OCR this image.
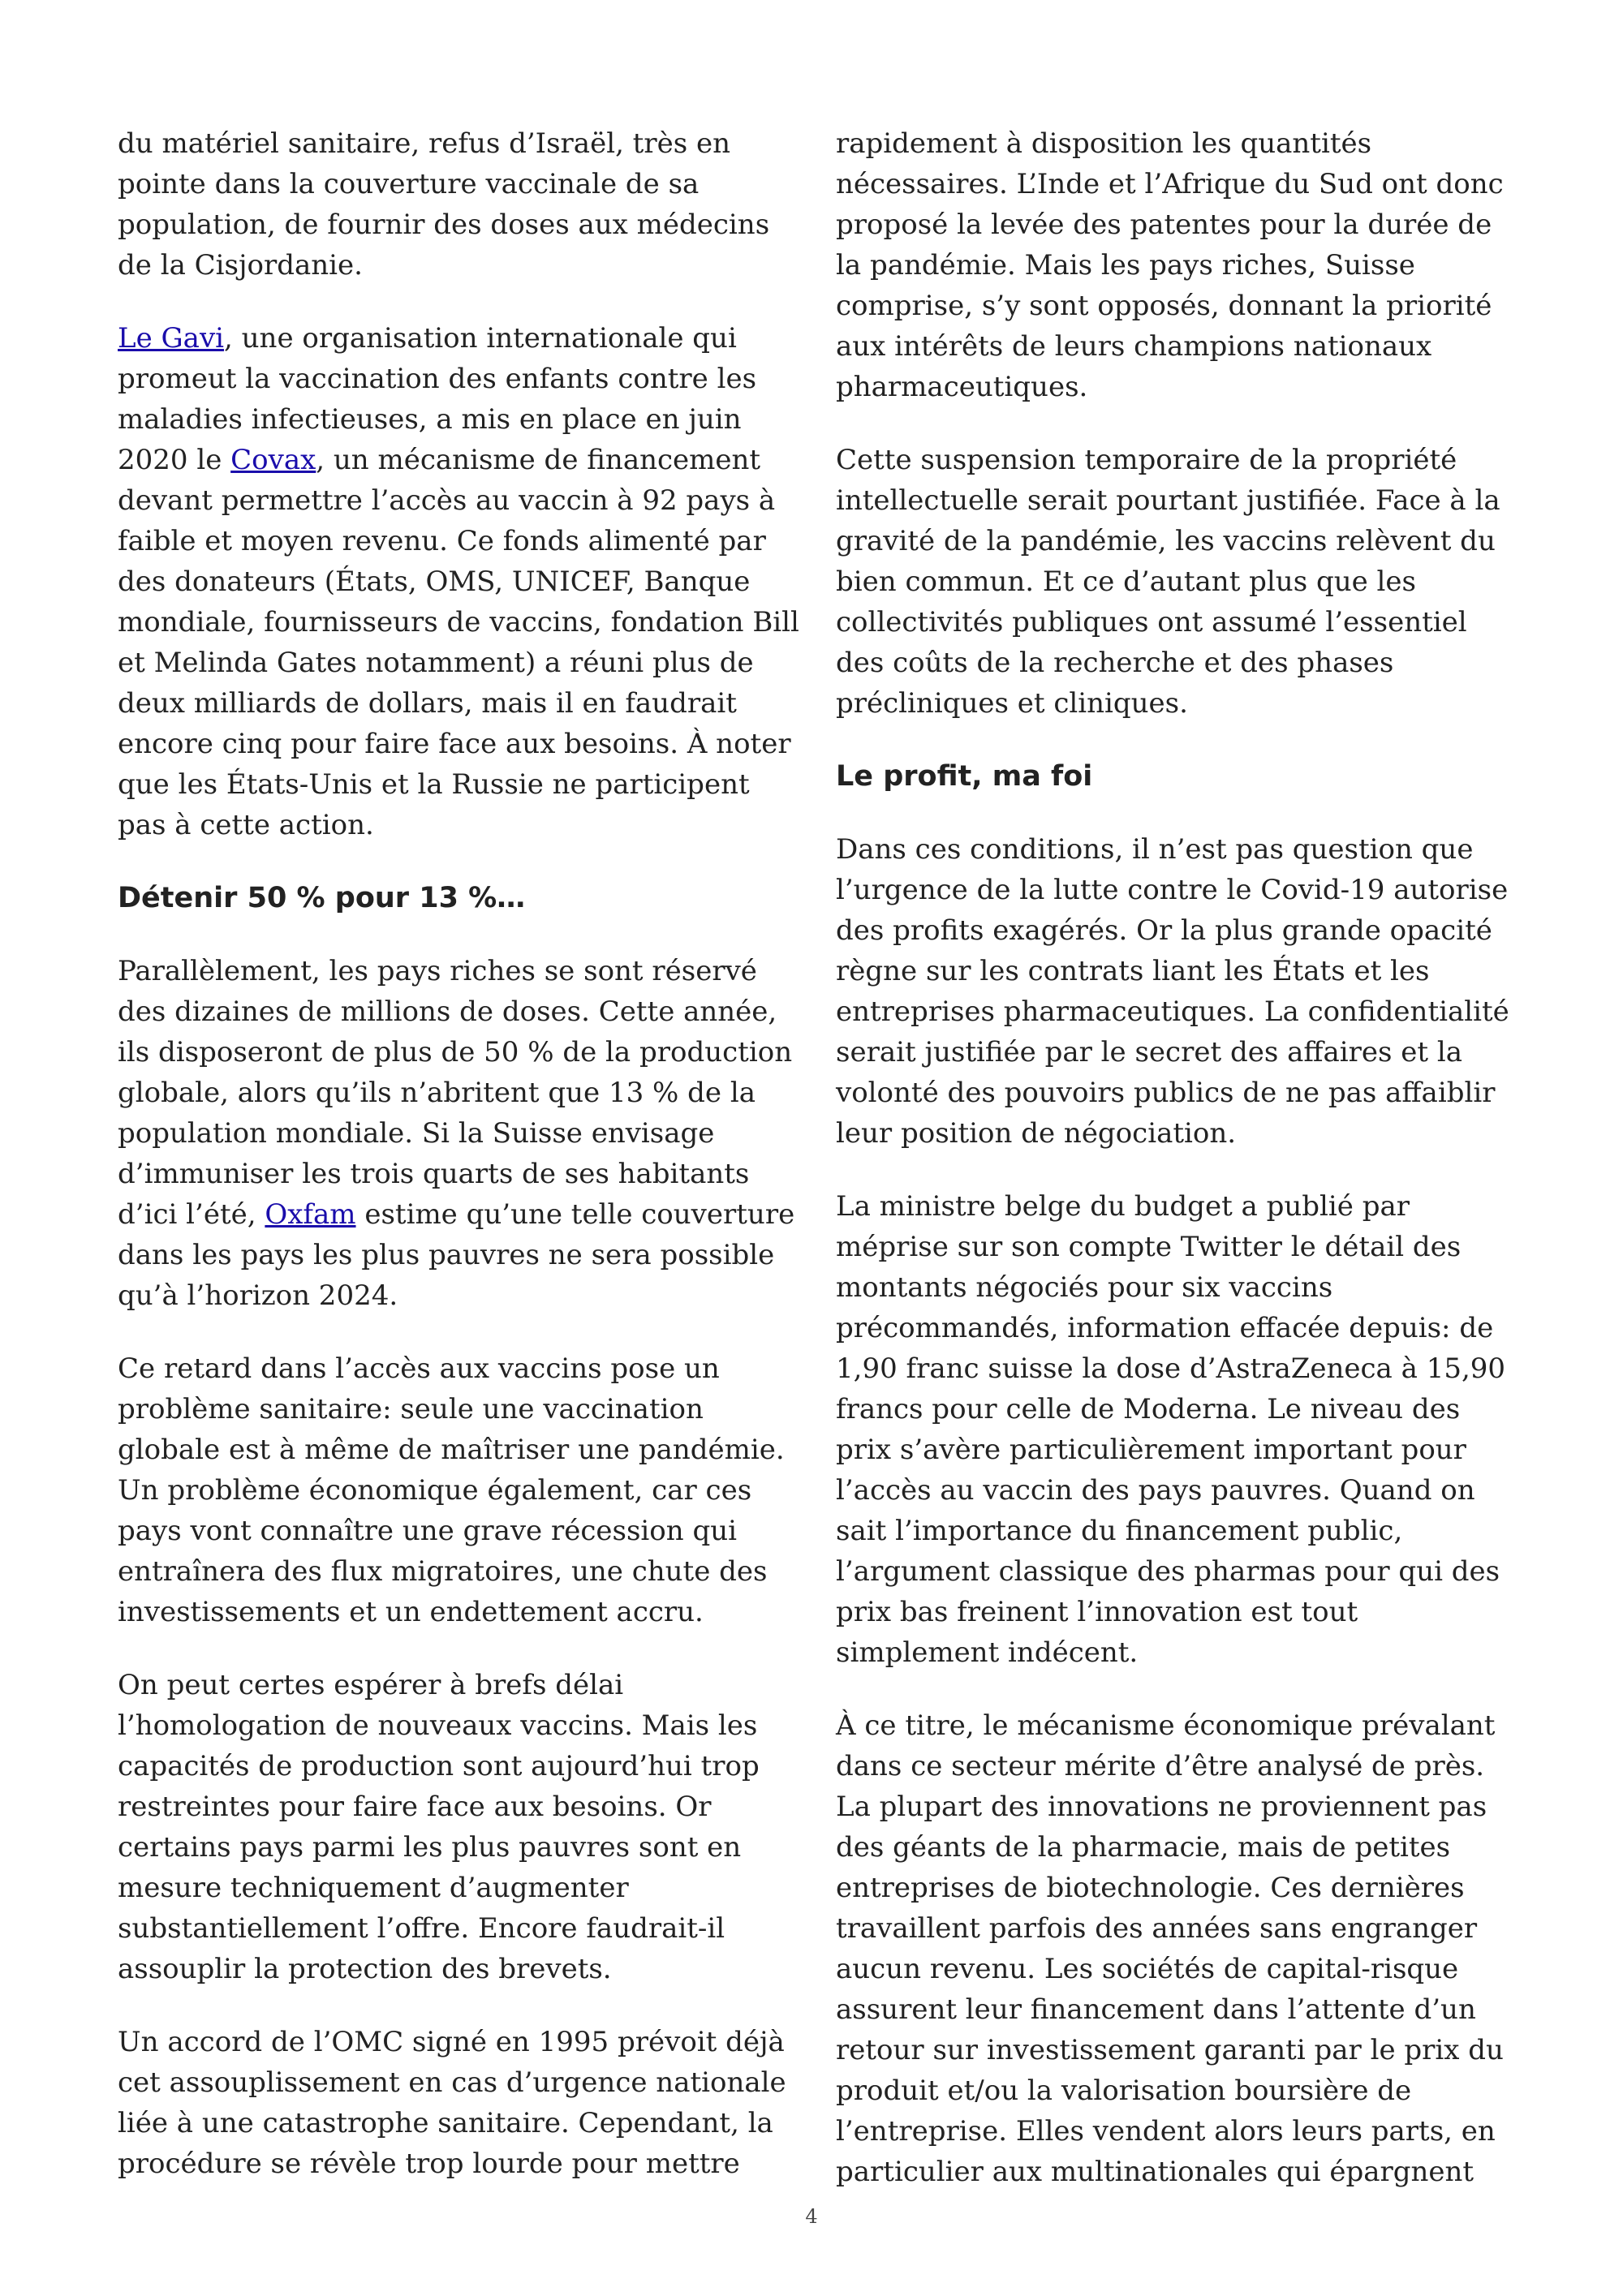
du matériel sanitaire, refus d’Israël, très en pointe dans la couverture vaccinale de sa population, de fournir des doses aux médecins de la Cisjordanie.

Le Gavi, une organisation internationale qui promeut la vaccination des enfants contre les maladies infectieuses, a mis en place en juin 2020 le Covax, un mécanisme de financement devant permettre l’accès au vaccin à 92 pays à faible et moyen revenu. Ce fonds alimenté par des donateurs (États, OMS, UNICEF, Banque mondiale, fournisseurs de vaccins, fondation Bill et Melinda Gates notamment) a réuni plus de deux milliards de dollars, mais il en faudrait encore cinq pour faire face aux besoins. À noter que les États-Unis et la Russie ne participent pas à cette action.

Détenir 50 % pour 13 %…

Parallèlement, les pays riches se sont réservé des dizaines de millions de doses. Cette année, ils disposeront de plus de 50 % de la production globale, alors qu’ils n’abritent que 13 % de la population mondiale. Si la Suisse envisage d’immuniser les trois quarts de ses habitants d’ici l’été, Oxfam estime qu’une telle couverture dans les pays les plus pauvres ne sera possible qu’à l’horizon 2024.

Ce retard dans l’accès aux vaccins pose un problème sanitaire: seule une vaccination globale est à même de maîtriser une pandémie. Un problème économique également, car ces pays vont connaître une grave récession qui entraînera des flux migratoires, une chute des investissements et un endettement accru.

On peut certes espérer à brefs délai l’homologation de nouveaux vaccins. Mais les capacités de production sont aujourd’hui trop restreintes pour faire face aux besoins. Or certains pays parmi les plus pauvres sont en mesure techniquement d’augmenter substantiellement l’offre. Encore faudrait-il assouplir la protection des brevets.

Un accord de l’OMC signé en 1995 prévoit déjà cet assouplissement en cas d’urgence nationale liée à une catastrophe sanitaire. Cependant, la procédure se révèle trop lourde pour mettre

rapidement à disposition les quantités nécessaires. L’Inde et l’Afrique du Sud ont donc proposé la levée des patentes pour la durée de la pandémie. Mais les pays riches, Suisse comprise, s’y sont opposés, donnant la priorité aux intérêts de leurs champions nationaux pharmaceutiques.

Cette suspension temporaire de la propriété intellectuelle serait pourtant justifiée. Face à la gravité de la pandémie, les vaccins relèvent du bien commun. Et ce d’autant plus que les collectivités publiques ont assumé l’essentiel des coûts de la recherche et des phases précliniques et cliniques.

Le profit, ma foi

Dans ces conditions, il n’est pas question que l’urgence de la lutte contre le Covid-19 autorise des profits exagérés. Or la plus grande opacité règne sur les contrats liant les États et les entreprises pharmaceutiques. La confidentialité serait justifiée par le secret des affaires et la volonté des pouvoirs publics de ne pas affaiblir leur position de négociation.

La ministre belge du budget a publié par méprise sur son compte Twitter le détail des montants négociés pour six vaccins précommandés, information effacée depuis: de 1,90 franc suisse la dose d’AstraZeneca à 15,90 francs pour celle de Moderna. Le niveau des prix s’avère particulièrement important pour l’accès au vaccin des pays pauvres. Quand on sait l’importance du financement public, l’argument classique des pharmas pour qui des prix bas freinent l’innovation est tout simplement indécent.

À ce titre, le mécanisme économique prévalant dans ce secteur mérite d’être analysé de près. La plupart des innovations ne proviennent pas des géants de la pharmacie, mais de petites entreprises de biotechnologie. Ces dernières travaillent parfois des années sans engranger aucun revenu. Les sociétés de capital-risque assurent leur financement dans l’attente d’un retour sur investissement garanti par le prix du produit et/ou la valorisation boursière de l’entreprise. Elles vendent alors leurs parts, en particulier aux multinationales qui épargnent

4
